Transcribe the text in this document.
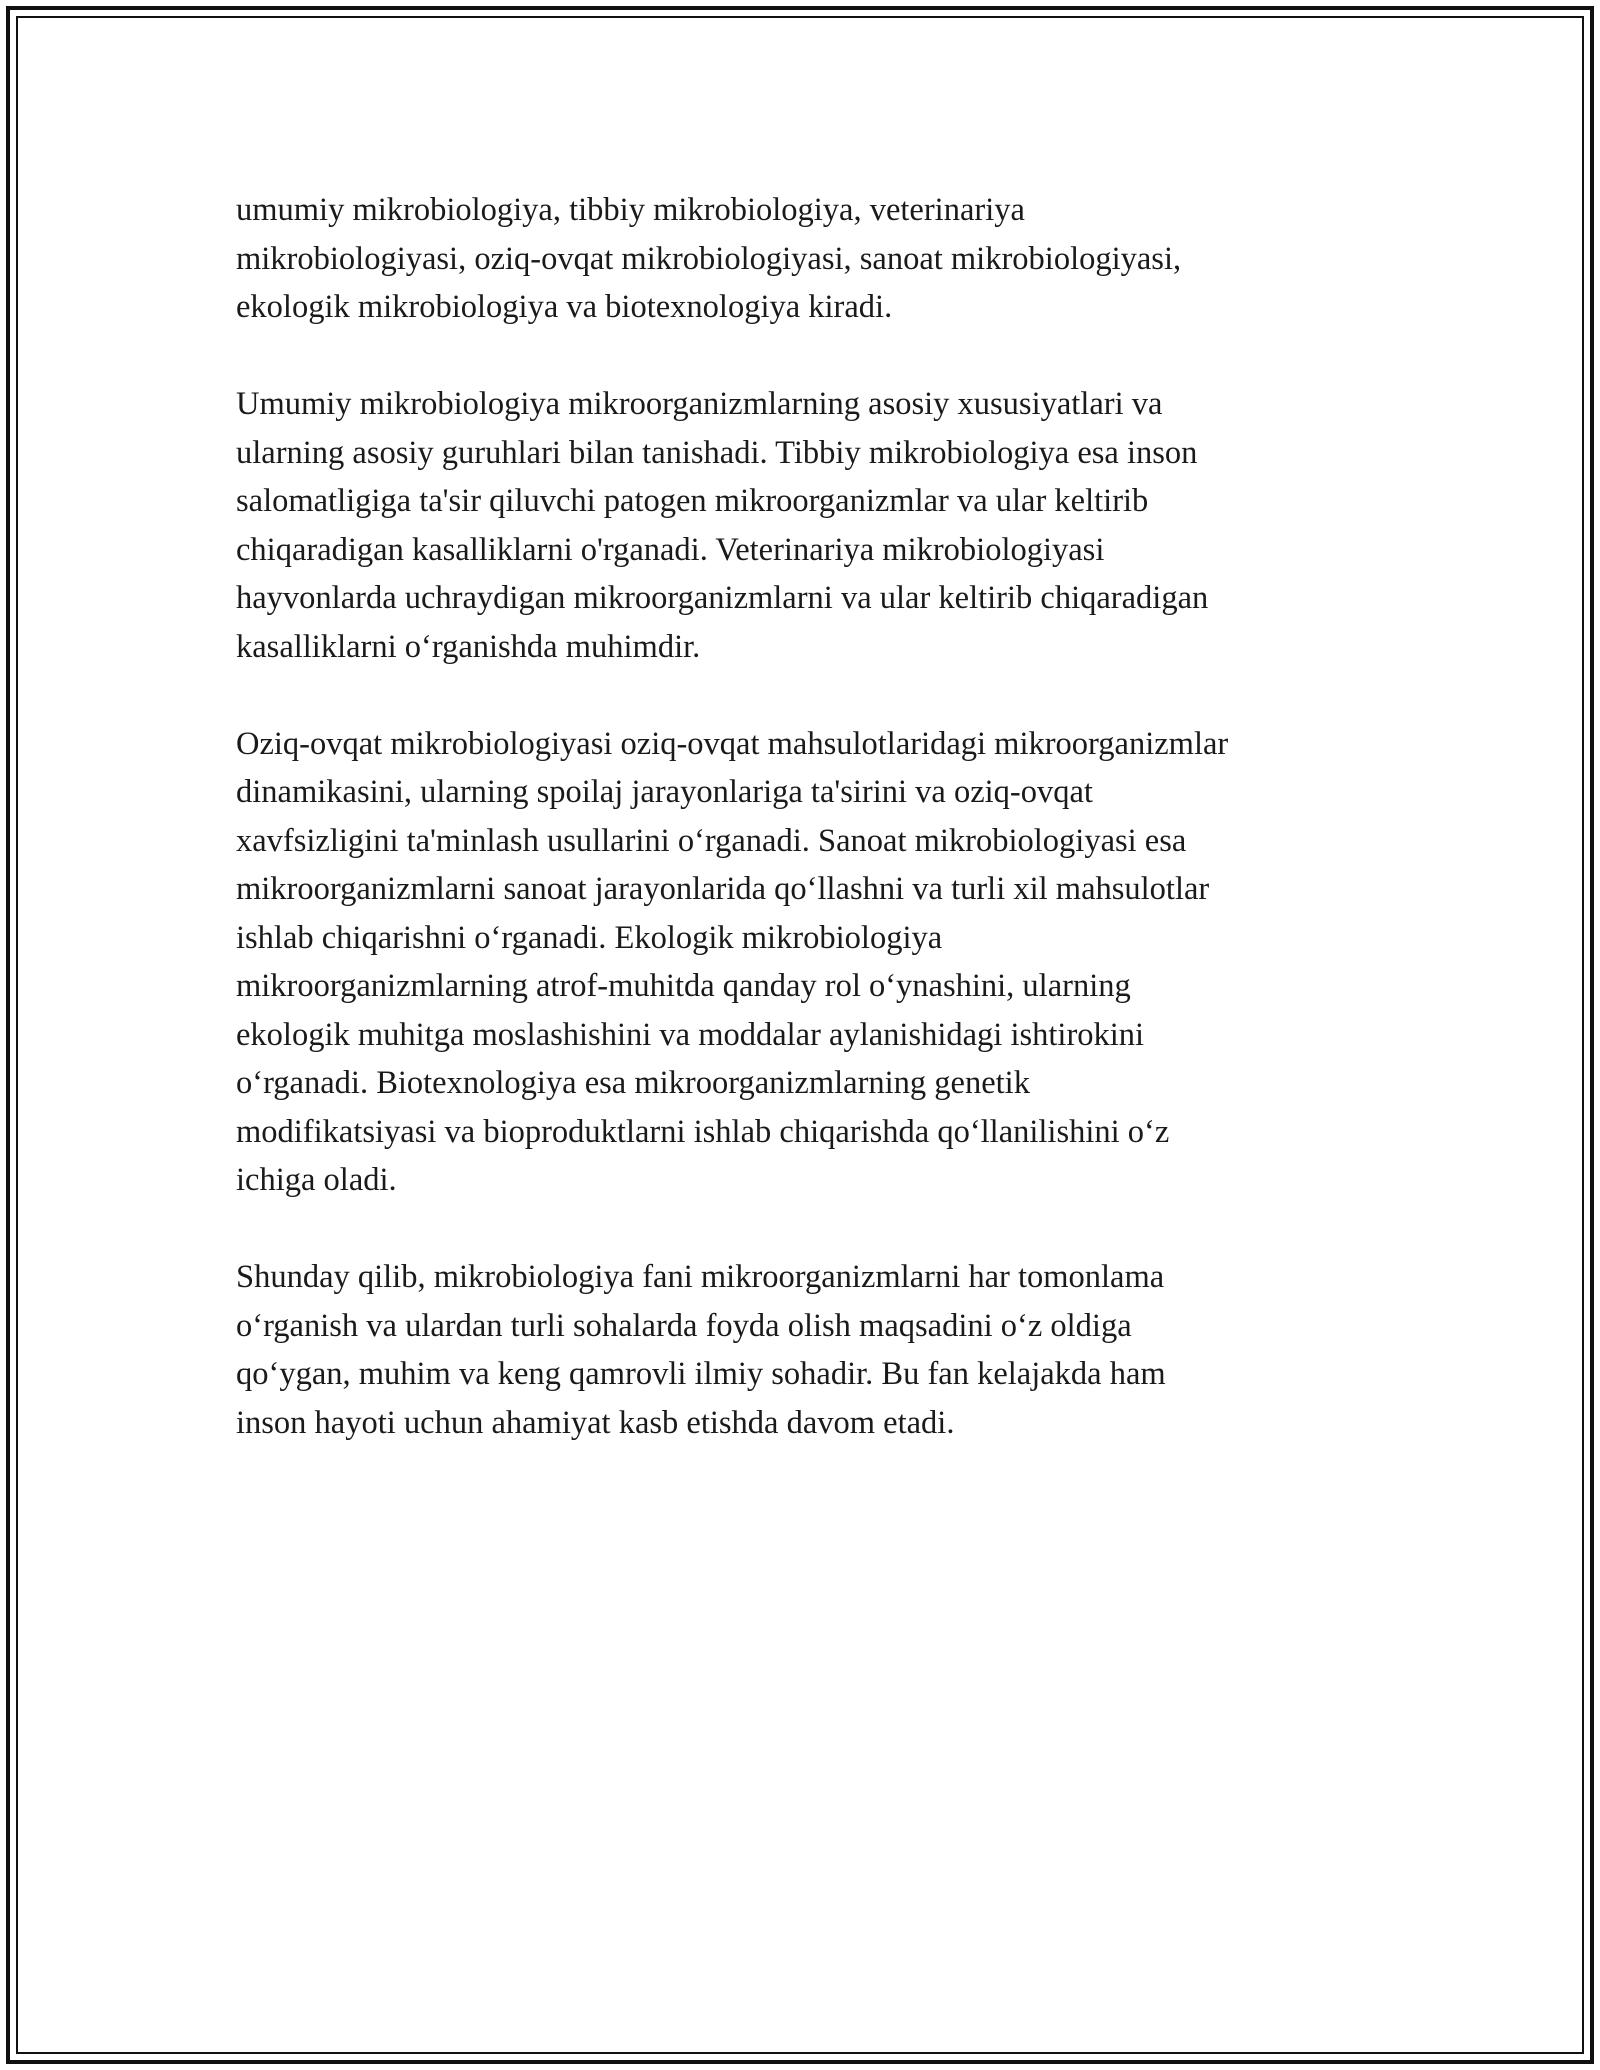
umumiy mikrobiologiya, tibbiy mikrobiologiya, veterinariya
mikrobiologiyasi, oziq-ovqat mikrobiologiyasi, sanoat mikrobiologiyasi,
ekologik mikrobiologiya va biotexnologiya kiradi.

Umumiy mikrobiologiya mikroorganizmlarning asosiy xususiyatlari va
ularning asosiy guruhlari bilan tanishadi. Tibbiy mikrobiologiya esa inson
salomatligiga ta'sir qiluvchi patogen mikroorganizmlar va ular keltirib
chiqaradigan kasalliklarni o'rganadi. Veterinariya mikrobiologiyasi
hayvonlarda uchraydigan mikroorganizmlarni va ular keltirib chiqaradigan
kasalliklarni oʻrganishda muhimdir.

Oziq-ovqat mikrobiologiyasi oziq-ovqat mahsulotlaridagi mikroorganizmlar
dinamikasini, ularning spoilaj jarayonlariga ta'sirini va oziq-ovqat
xavfsizligini ta'minlash usullarini oʻrganadi. Sanoat mikrobiologiyasi esa
mikroorganizmlarni sanoat jarayonlarida qoʻllashni va turli xil mahsulotlar
ishlab chiqarishni oʻrganadi. Ekologik mikrobiologiya
mikroorganizmlarning atrof-muhitda qanday rol oʻynashini, ularning
ekologik muhitga moslashishini va moddalar aylanishidagi ishtirokini
oʻrganadi. Biotexnologiya esa mikroorganizmlarning genetik
modifikatsiyasi va bioproduktlarni ishlab chiqarishda qoʻllanilishini oʻz
ichiga oladi.

Shunday qilib, mikrobiologiya fani mikroorganizmlarni har tomonlama
oʻrganish va ulardan turli sohalarda foyda olish maqsadini oʻz oldiga
qoʻygan, muhim va keng qamrovli ilmiy sohadir. Bu fan kelajakda ham
inson hayoti uchun ahamiyat kasb etishda davom etadi.
